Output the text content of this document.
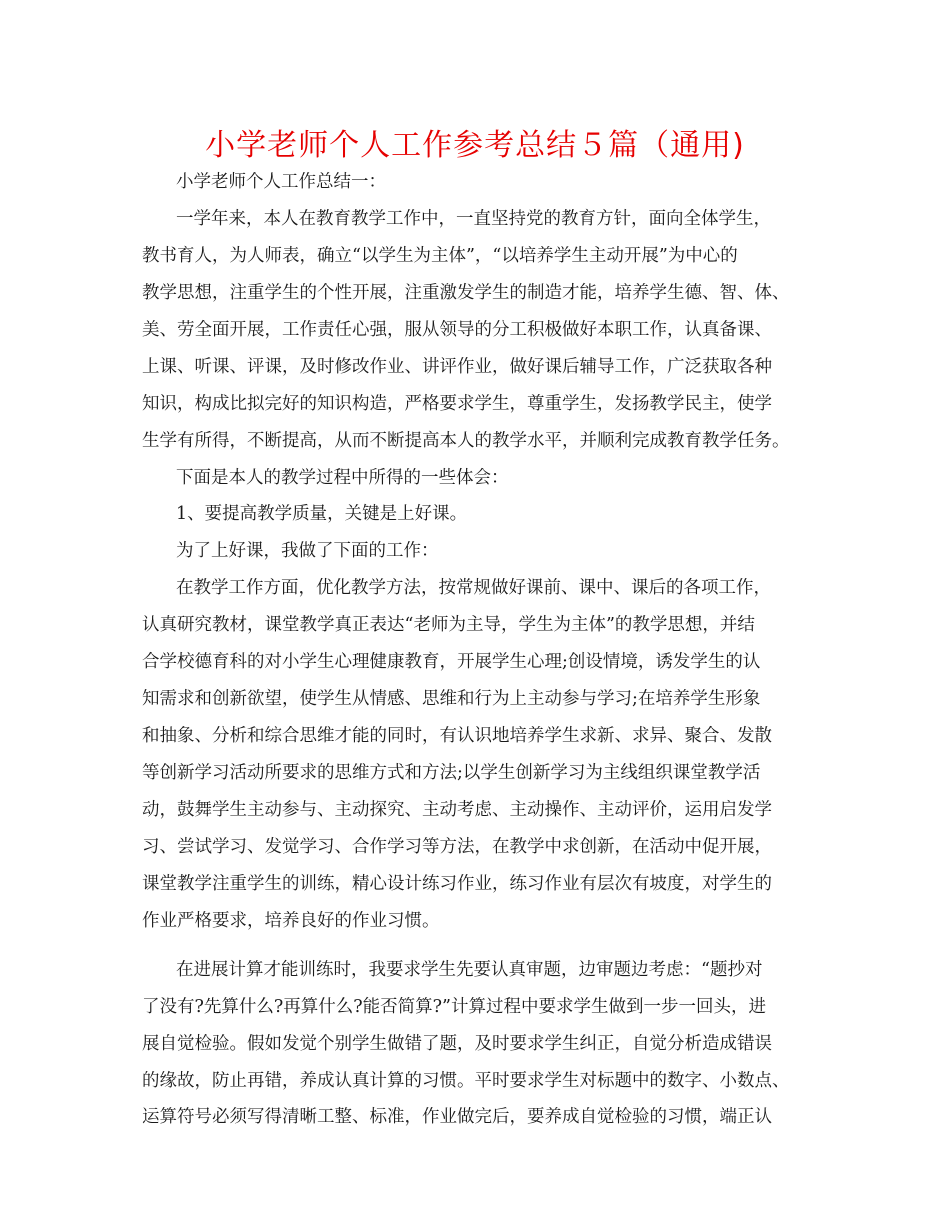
小学老师个人工作参考总结５篇（通用)
小学老师个人工作总结一：
一学年来，本人在教育教学工作中，一直坚持党的教育方针，面向全体学生，
教书育人，为人师表，确立“以学生为主体”，“以培养学生主动开展”为中心的
教学思想，注重学生的个性开展，注重激发学生的制造才能，培养学生德、智、体、
美、劳全面开展，工作责任心强，服从领导的分工积极做好本职工作，认真备课、
上课、听课、评课，及时修改作业、讲评作业，做好课后辅导工作，广泛获取各种
知识，构成比拟完好的知识构造，严格要求学生，尊重学生，发扬教学民主，使学
生学有所得，不断提高，从而不断提高本人的教学水平，并顺利完成教育教学任务。
下面是本人的教学过程中所得的一些体会：
1、要提高教学质量，关键是上好课。
为了上好课，我做了下面的工作：
在教学工作方面，优化教学方法，按常规做好课前、课中、课后的各项工作，
认真研究教材，课堂教学真正表达“老师为主导，学生为主体”的教学思想，并结
合学校德育科的对小学生心理健康教育，开展学生心理;创设情境，诱发学生的认
知需求和创新欲望，使学生从情感、思维和行为上主动参与学习;在培养学生形象
和抽象、分析和综合思维才能的同时，有认识地培养学生求新、求异、聚合、发散
等创新学习活动所要求的思维方式和方法;以学生创新学习为主线组织课堂教学活
动，鼓舞学生主动参与、主动探究、主动考虑、主动操作、主动评价，运用启发学
习、尝试学习、发觉学习、合作学习等方法，在教学中求创新，在活动中促开展，
课堂教学注重学生的训练，精心设计练习作业，练习作业有层次有坡度，对学生的
作业严格要求，培养良好的作业习惯。
在进展计算才能训练时，我要求学生先要认真审题，边审题边考虑：“题抄对
了没有?先算什么?再算什么?能否简算?”计算过程中要求学生做到一步一回头，进
展自觉检验。假如发觉个别学生做错了题，及时要求学生纠正，自觉分析造成错误
的缘故，防止再错，养成认真计算的习惯。平时要求学生对标题中的数字、小数点、
运算符号必须写得清晰工整、标准，作业做完后，要养成自觉检验的习惯，端正认
